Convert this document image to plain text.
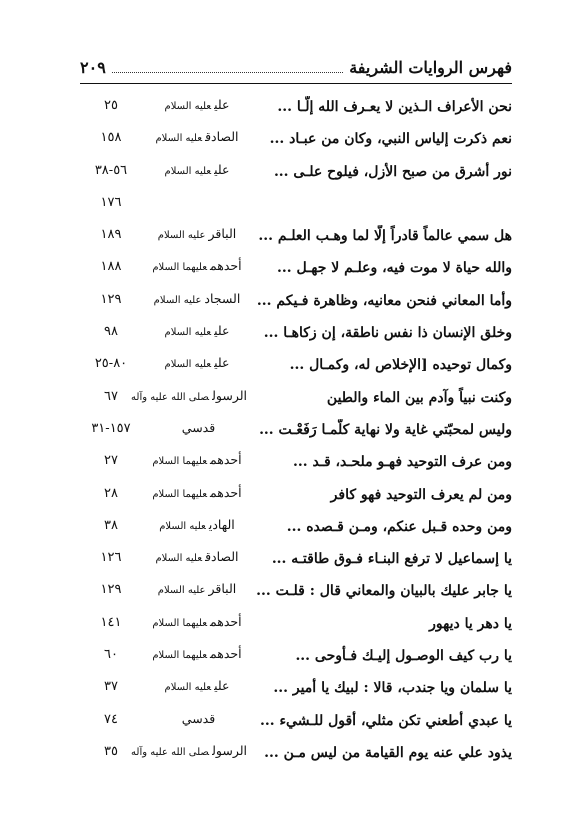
فهرس الروايات الشريفة
٢٠٩
نحن الأعراف الـذين لا يعـرف الله إلّـا ...
عليعليه السلام
٢٥
نعم ذكرت إلياس النبي، وكان من عبـاد ...
الصادقعليه السلام
١٥٨
نور أشرق من صبح الأزل، فيلوح علـى ...
عليعليه السلام
٥٦-٣٨
١٧٦
هل سمي عالماً قادراً إلّا لما وهـب العلـم ...
الباقرعليه السلام
١٨٩
والله حياة لا موت فيه، وعلـم لا جهـل ...
أحدهمعليهما السلام
١٨٨
وأما المعاني فنحن معانيه، وظاهرة فـيكم ...
السجادعليه السلام
١٢٩
وخلق الإنسان ذا نفس ناطقة، إن زكاهـا ...
عليعليه السلام
٩٨
وكمال توحيده [الإخلاص له، وكمـال ...
عليعليه السلام
٨٠-٢٥
وكنت نبياً وآدم بين الماء والطين
الرسولصلى الله عليه وآله
٦٧
وليس لمحبّتي غاية ولا نهاية كلّمـا رَفَعْـت ...
قدسي
١٥٧-٣١
ومن عرف التوحيد فهـو ملحـد، قـد ...
أحدهمعليهما السلام
٢٧
ومن لم يعرف التوحيد فهو كافر
أحدهمعليهما السلام
٢٨
ومن وحده قـبل عنكم، ومـن قـصده ...
الهاديعليه السلام
٣٨
يا إسماعيل لا ترفع البنـاء فـوق طاقتـه ...
الصادقعليه السلام
١٢٦
يا جابر عليك بالبيان والمعاني قال : قلـت ...
الباقرعليه السلام
١٢٩
يا دهر يا ديهور
أحدهمعليهما السلام
١٤١
يا رب كيف الوصـول إليـك فـأوحى ...
أحدهمعليهما السلام
٦٠
يا سلمان ويا جندب، قالا : لبيك يا أمير ...
عليعليه السلام
٣٧
يا عبدي أطعني تكن مثلي، أقول للـشيء ...
قدسي
٧٤
يذود علي عنه يوم القيامة من ليس مـن ...
الرسولصلى الله عليه وآله
٣٥
